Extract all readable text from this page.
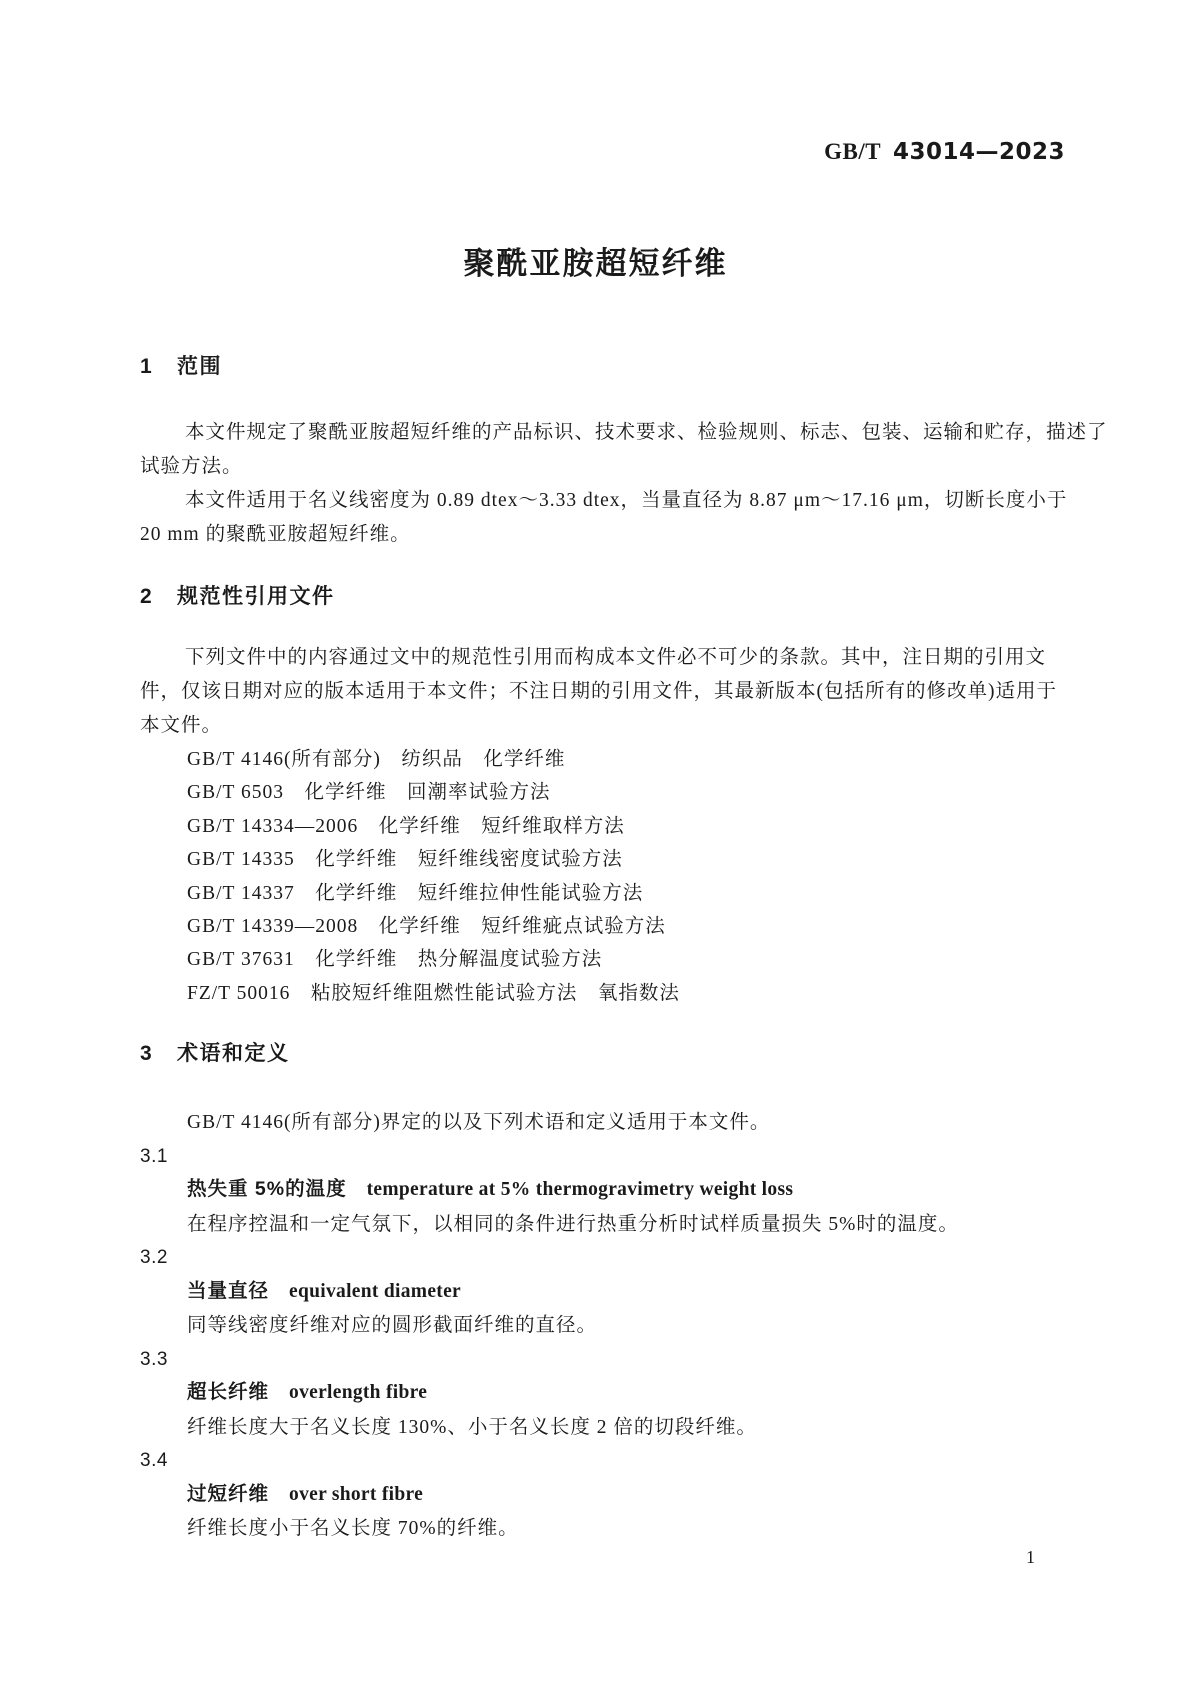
GB/T 43014—2023
聚酰亚胺超短纤维
1 范围
本文件规定了聚酰亚胺超短纤维的产品标识、技术要求、检验规则、标志、包装、运输和贮存，描述了
试验方法。
本文件适用于名义线密度为 0.89 dtex～3.33 dtex，当量直径为 8.87 μm～17.16 μm，切断长度小于
20 mm 的聚酰亚胺超短纤维。
2 规范性引用文件
下列文件中的内容通过文中的规范性引用而构成本文件必不可少的条款。其中，注日期的引用文
件，仅该日期对应的版本适用于本文件；不注日期的引用文件，其最新版本(包括所有的修改单)适用于
本文件。
GB/T 4146(所有部分)　纺织品　化学纤维
GB/T 6503　化学纤维　回潮率试验方法
GB/T 14334—2006　化学纤维　短纤维取样方法
GB/T 14335　化学纤维　短纤维线密度试验方法
GB/T 14337　化学纤维　短纤维拉伸性能试验方法
GB/T 14339—2008　化学纤维　短纤维疵点试验方法
GB/T 37631　化学纤维　热分解温度试验方法
FZ/T 50016　粘胶短纤维阻燃性能试验方法　氧指数法
3 术语和定义
GB/T 4146(所有部分)界定的以及下列术语和定义适用于本文件。
3.1
热失重 5%的温度 temperature at 5% thermogravimetry weight loss
在程序控温和一定气氛下，以相同的条件进行热重分析时试样质量损失 5%时的温度。
3.2
当量直径 equivalent diameter
同等线密度纤维对应的圆形截面纤维的直径。
3.3
超长纤维 overlength fibre
纤维长度大于名义长度 130%、小于名义长度 2 倍的切段纤维。
3.4
过短纤维 over short fibre
纤维长度小于名义长度 70%的纤维。
1
